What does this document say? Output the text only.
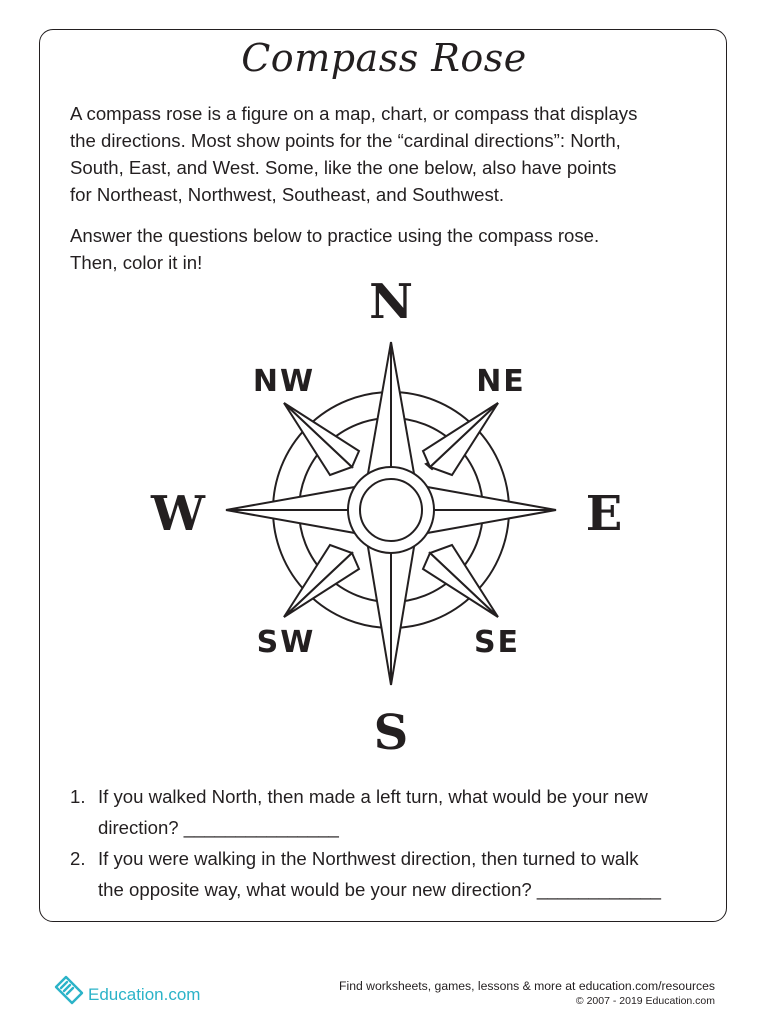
Compass Rose

A compass rose is a figure on a map, chart, or compass that displays
the directions. Most show points for the “cardinal directions”: North,
South, East, and West. Some, like the one below, also have points
for Northeast, Northwest, Southeast, and Southwest.

Answer the questions below to practice using the compass rose.
Then, color it in!

N
S
E
W
NW	NE
SW	SE
1. If you walked North, then made a left turn, what would be your new
direction? _______________
2. If you were walking in the Northwest direction, then turned to walk
the opposite way, what would be your new direction? ____________
Education.com	Find worksheets, games, lessons & more at education.com/resources
© 2007 - 2019 Education.com
